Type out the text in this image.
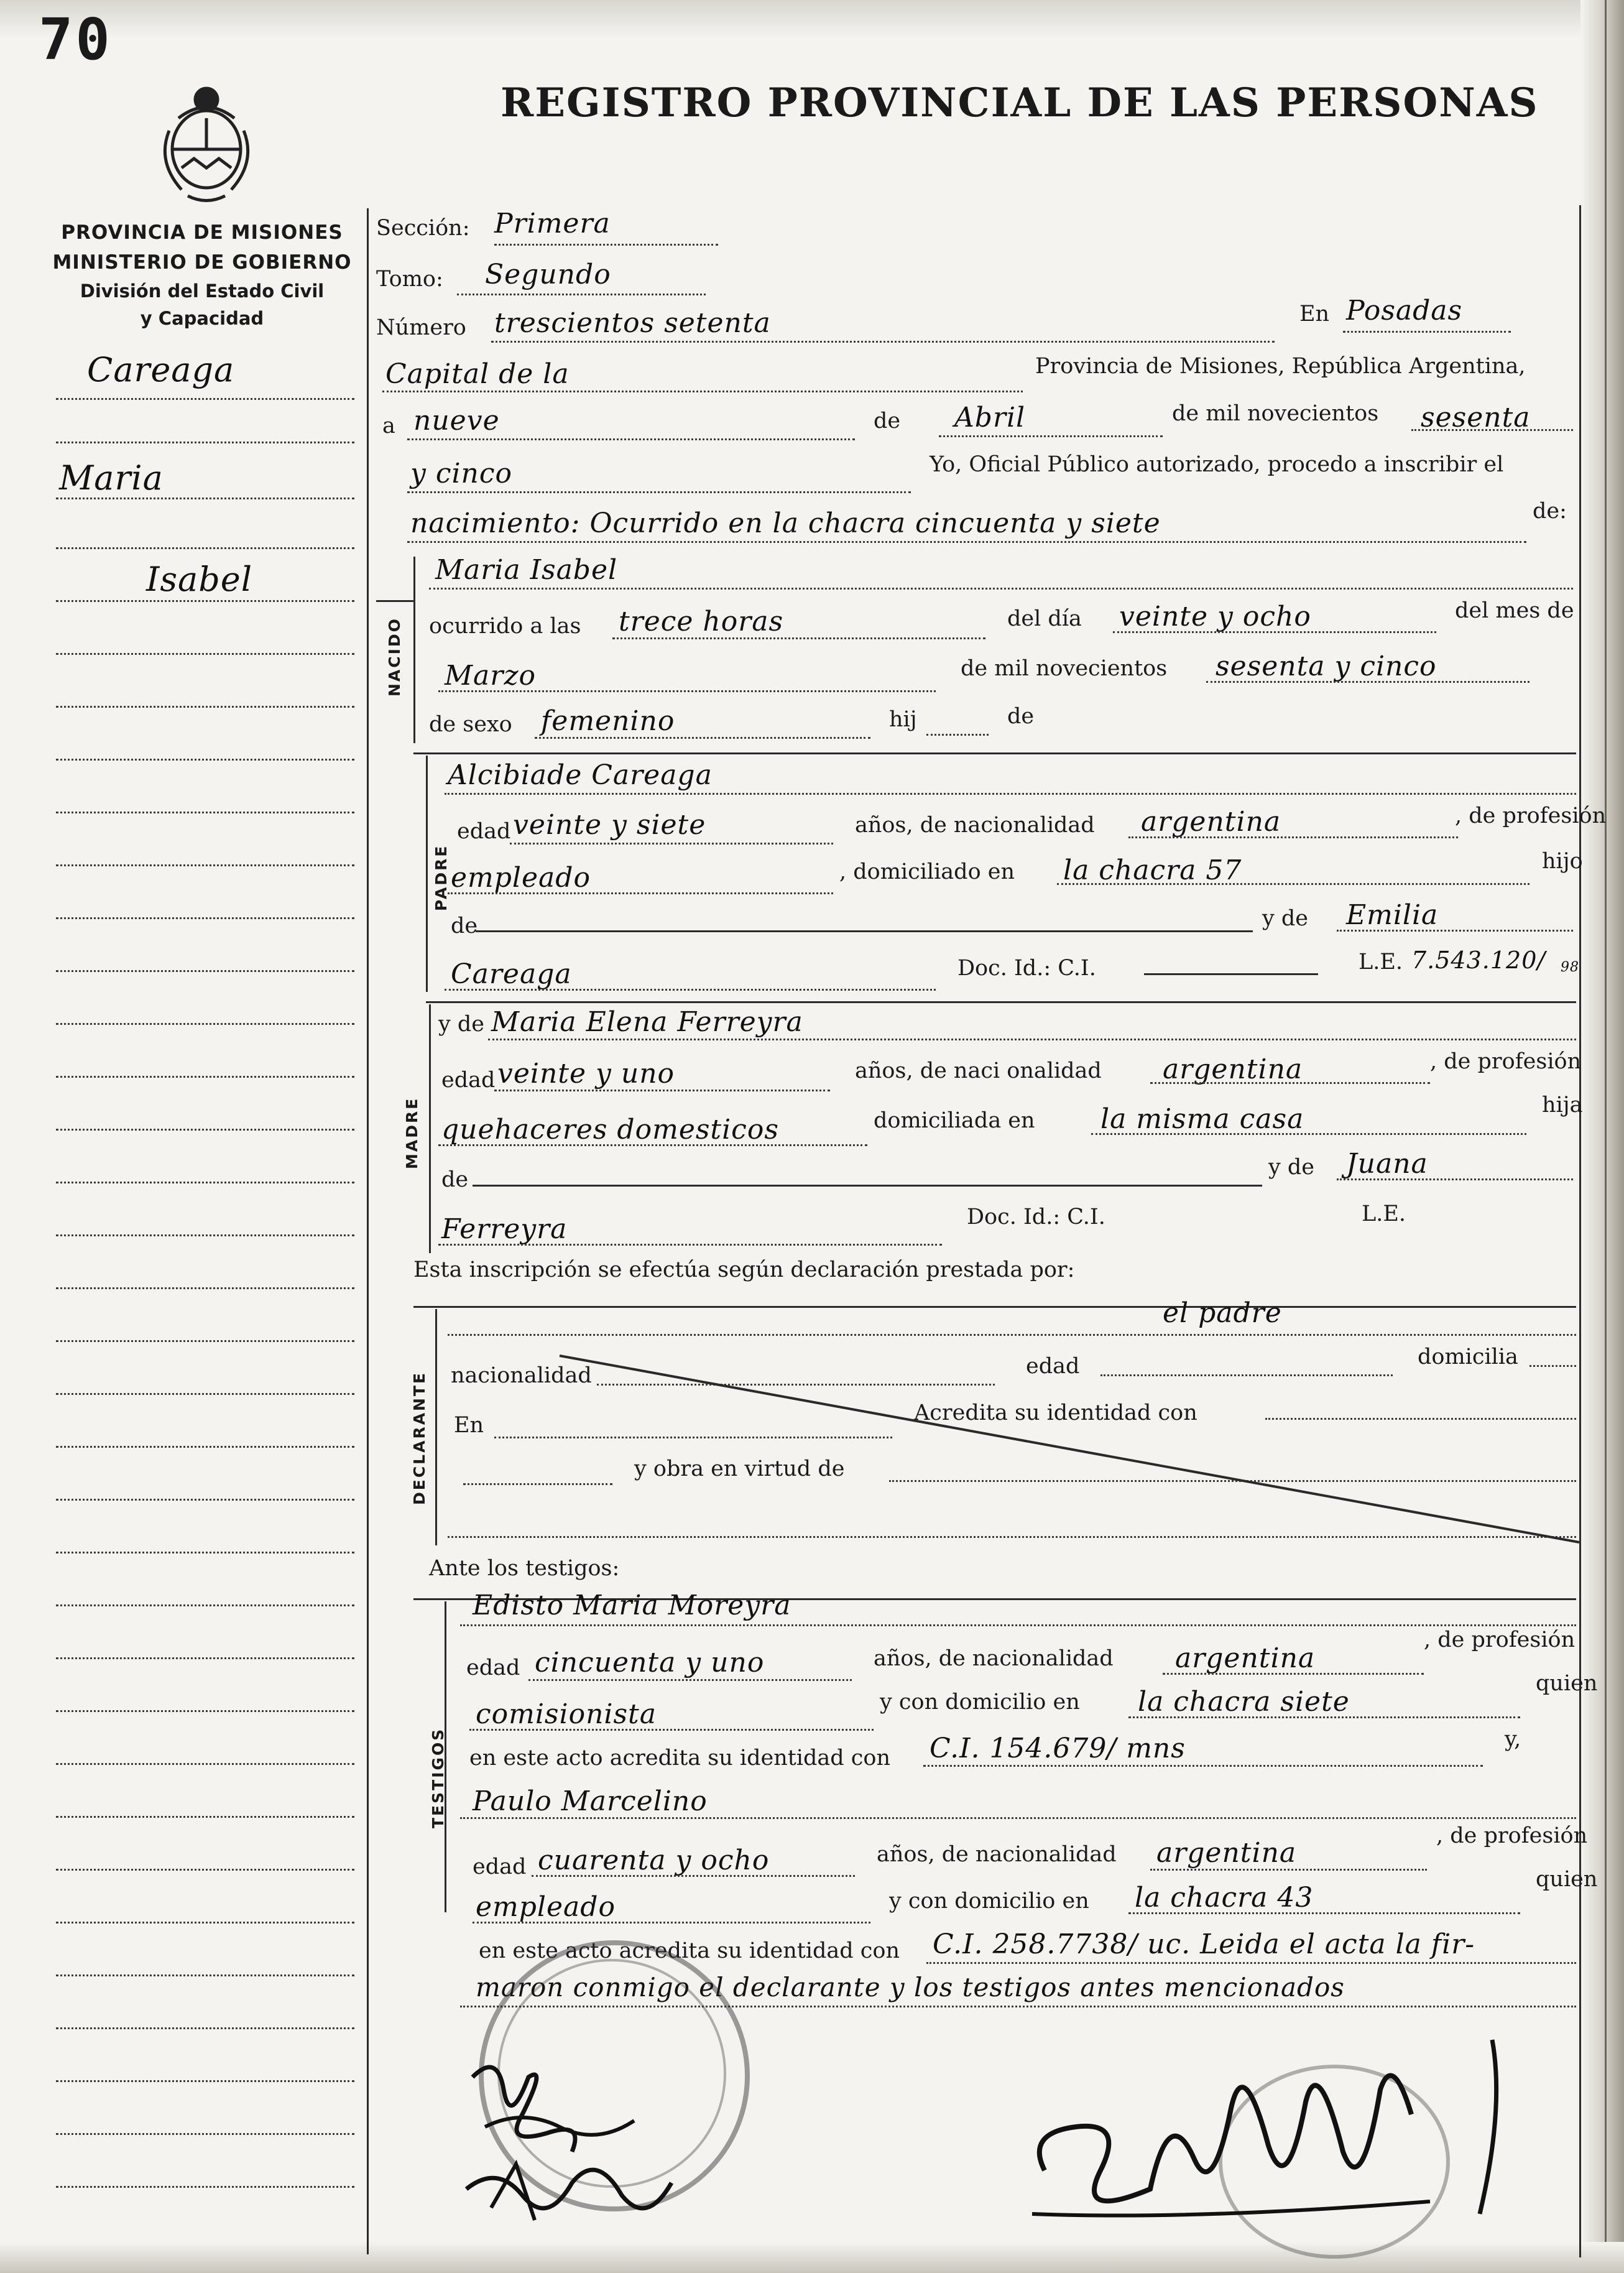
70
REGISTRO PROVINCIAL DE LAS PERSONAS
PROVINCIA DE MISIONES
MINISTERIO DE GOBIERNO
División del Estado Civil
y Capacidad
Careaga
Maria
Isabel
Sección: Primera
Tomo: Segundo
Número trescientos setenta	En Posadas
Capital de la	Provincia de Misiones, República Argentina,
a nueve	de Abril	de mil novecientos sesenta
y cinco	Yo, Oficial Público autorizado, procedo a inscribir el
nacimiento: Ocurrido en la chacra cincuenta y siete	de:
NACIDO
Maria Isabel
ocurrido a las trece horas	del día veinte y ocho	del mes de
Marzo	de mil novecientos sesenta y cinco
de sexo femenino	hij	de
PADRE
Alcibiade Careaga
edad veinte y siete	años, de nacionalidad argentina	, de profesión
empleado	, domiciliado en la chacra 57	hijo
de	y de Emilia
Careaga	Doc. Id.: C.I.	L.E. 7.543.120/ 98
MADRE
y de Maria Elena Ferreyra
edad veinte y uno	años, de naci onalidad argentina	, de profesión
quehaceres domesticos	domiciliada en la misma casa	hija
de	y de Juana
Ferreyra	Doc. Id.: C.I.	L.E.
Esta inscripción se efectúa según declaración prestada por:
DECLARANTE
el padre
nacionalidad	edad	domicilia
En	Acredita su identidad con
y obra en virtud de
Ante los testigos:
TESTIGOS
Edisto Maria Moreyra
edad cincuenta y uno	años, de nacionalidad argentina
, de profesión
comisionista	y con domicilio en la chacra siete
quien
en este acto acredita su identidad con C.I. 154.679/ mns	y,
Paulo Marcelino
edad cuarenta y ocho	años, de nacionalidad argentina
, de profesión
empleado	y con domicilio en la chacra 43
quien
en este acto acredita su identidad con C.I. 258.7738/ uc. Leida el acta la fir-
maron conmigo el declarante y los testigos antes mencionados
